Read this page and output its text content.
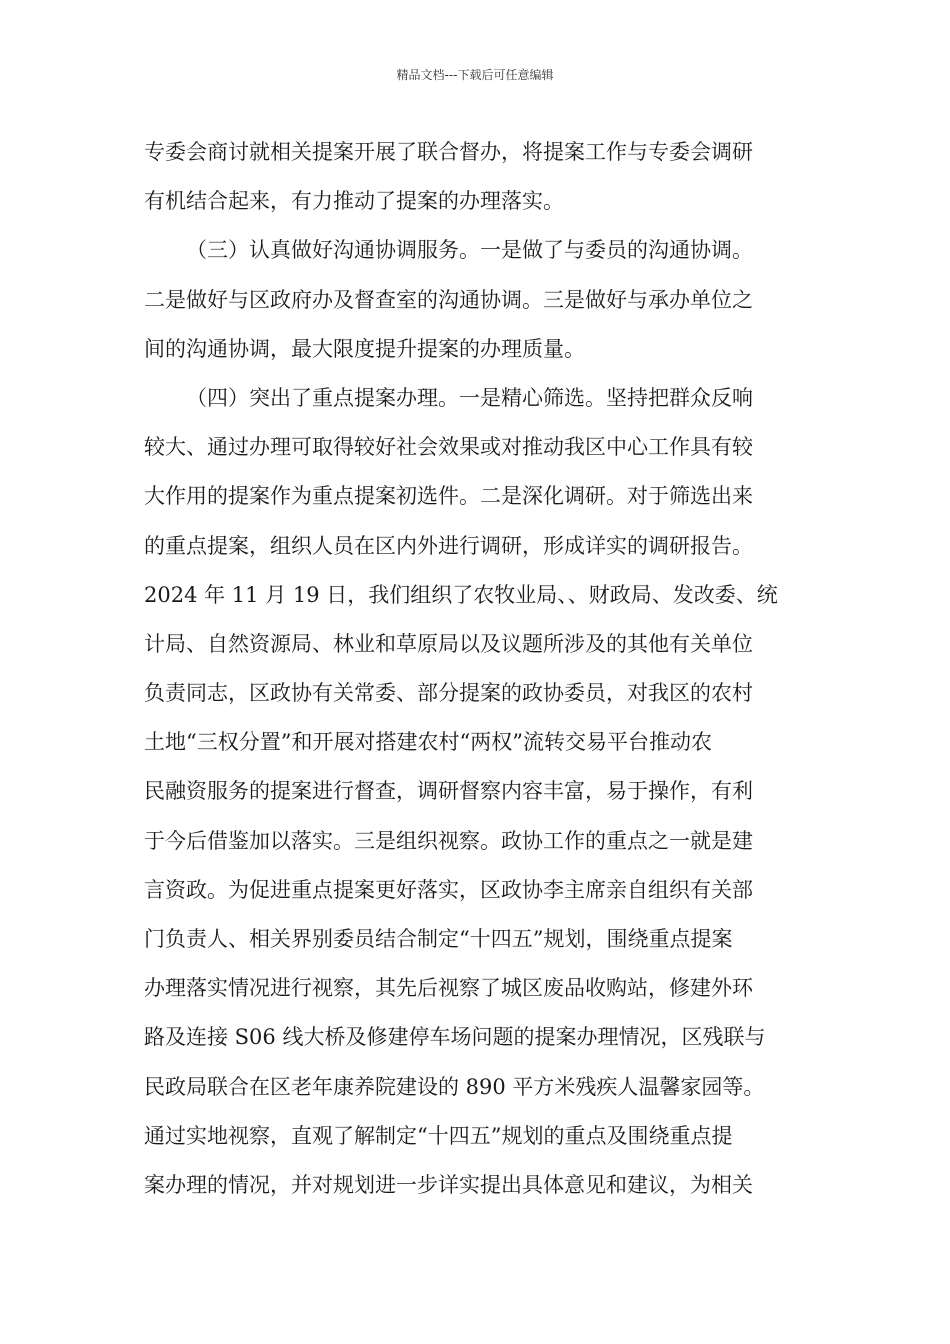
精品文档---下载后可任意编辑
专委会商讨就相关提案开展了联合督办，将提案工作与专委会调研
有机结合起来，有力推动了提案的办理落实。
（三）认真做好沟通协调服务。一是做了与委员的沟通协调。
二是做好与区政府办及督查室的沟通协调。三是做好与承办单位之
间的沟通协调，最大限度提升提案的办理质量。
（四）突出了重点提案办理。一是精心筛选。坚持把群众反响
较大、通过办理可取得较好社会效果或对推动我区中心工作具有较
大作用的提案作为重点提案初选件。二是深化调研。对于筛选出来
的重点提案，组织人员在区内外进行调研，形成详实的调研报告。
2024 年 11 月 19 日，我们组织了农牧业局、、财政局、发改委、统
计局、自然资源局、林业和草原局以及议题所涉及的其他有关单位
负责同志，区政协有关常委、部分提案的政协委员，对我区的农村
土地“三权分置”和开展对搭建农村“两权”流转交易平台推动农
民融资服务的提案进行督查，调研督察内容丰富，易于操作，有利
于今后借鉴加以落实。三是组织视察。政协工作的重点之一就是建
言资政。为促进重点提案更好落实，区政协李主席亲自组织有关部
门负责人、相关界别委员结合制定“十四五”规划，围绕重点提案
办理落实情况进行视察，其先后视察了城区废品收购站，修建外环
路及连接 S06 线大桥及修建停车场问题的提案办理情况，区残联与
民政局联合在区老年康养院建设的 890 平方米残疾人温馨家园等。
通过实地视察，直观了解制定“十四五”规划的重点及围绕重点提
案办理的情况，并对规划进一步详实提出具体意见和建议，为相关
